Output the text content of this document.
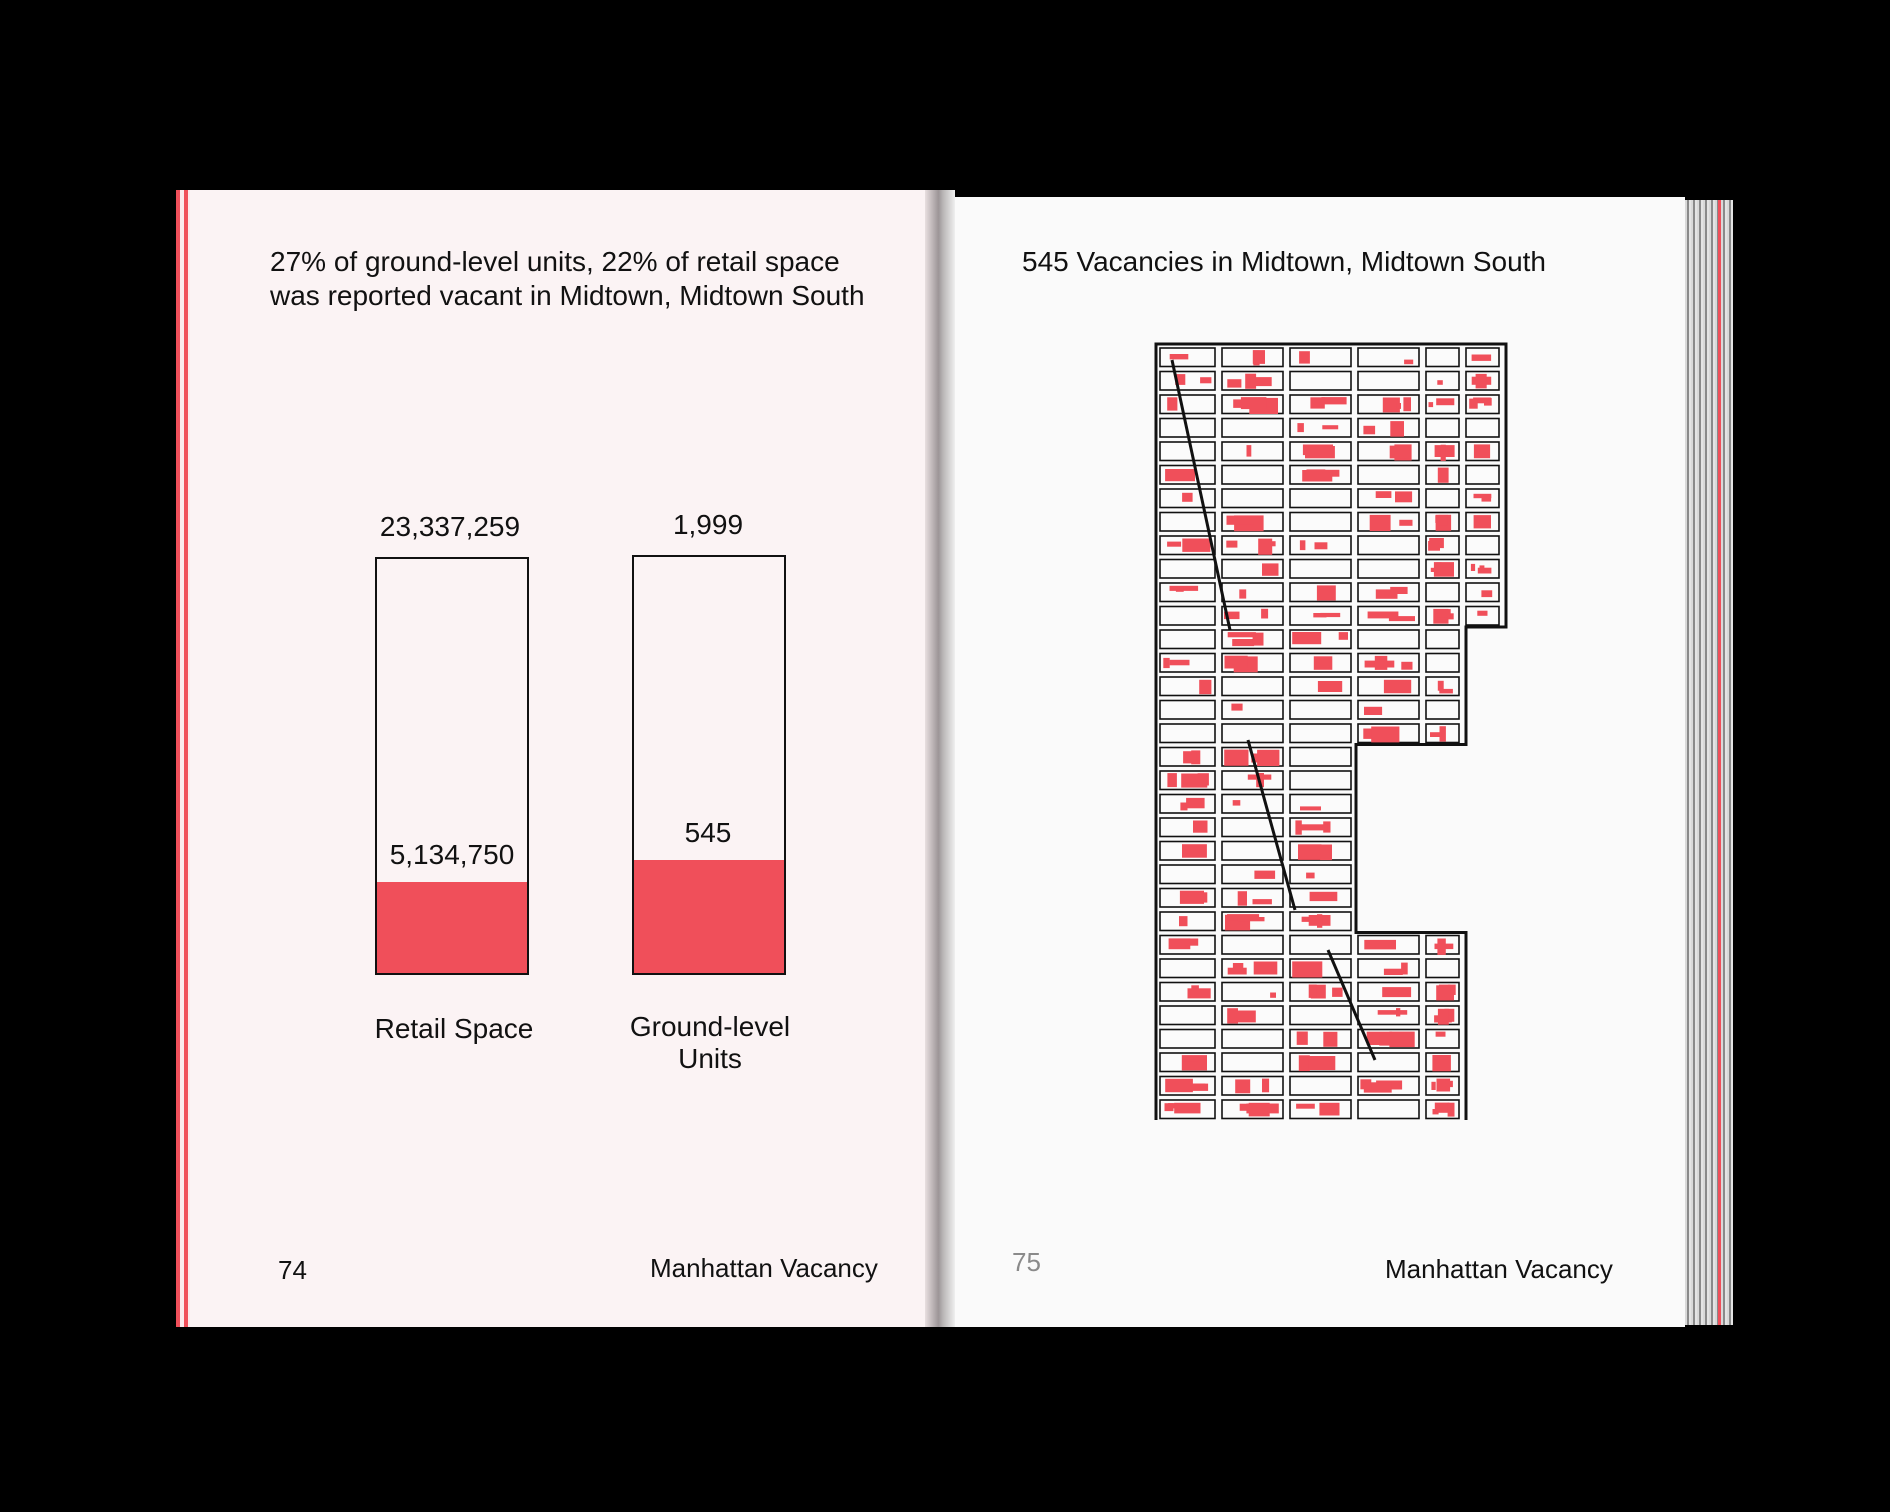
27% of ground-level units, 22% of retail space
was reported vacant in Midtown, Midtown South
23,337,259	1,999
5,134,750
545
Retail Space	Ground-level
Units
74	Manhattan Vacancy
545 Vacancies in Midtown, Midtown South
75	Manhattan Vacancy
